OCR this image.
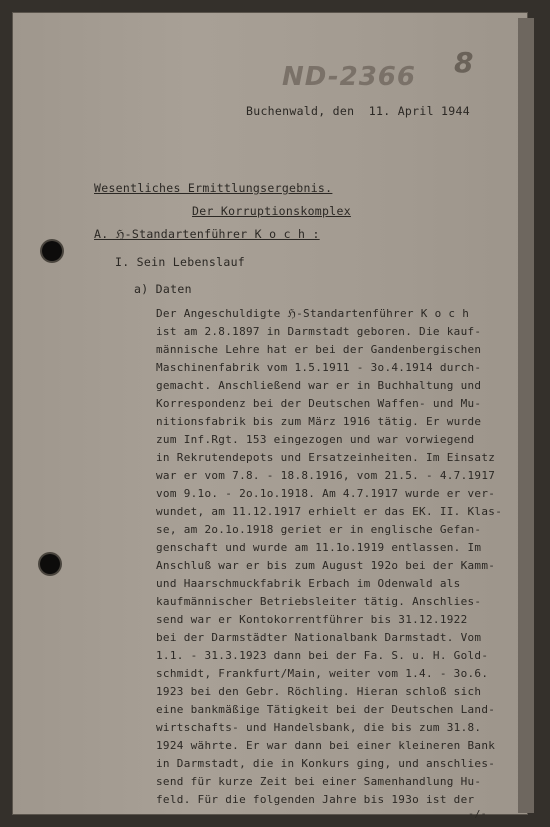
ND-2366 8
Buchenwald, den  11. April 1944
Wesentliches Ermittlungsergebnis.
Der Korruptionskomplex
A. ℌ-Standartenführer K o c h :
I. Sein Lebenslauf
a) Daten
Der Angeschuldigte ℌ-Standartenführer K o c h
ist am 2.8.1897 in Darmstadt geboren. Die kauf-
männische Lehre hat er bei der Gandenbergischen
Maschinenfabrik vom 1.5.1911 - 3o.4.1914 durch-
gemacht. Anschließend war er in Buchhaltung und
Korrespondenz bei der Deutschen Waffen- und Mu-
nitionsfabrik bis zum März 1916 tätig. Er wurde
zum Inf.Rgt. 153 eingezogen und war vorwiegend
in Rekrutendepots und Ersatzeinheiten. Im Einsatz
war er vom 7.8. - 18.8.1916, vom 21.5. - 4.7.1917
vom 9.1o. - 2o.1o.1918. Am 4.7.1917 wurde er ver-
wundet, am 11.12.1917 erhielt er das EK. II. Klas-
se, am 2o.1o.1918 geriet er in englische Gefan-
genschaft und wurde am 11.1o.1919 entlassen. Im
Anschluß war er bis zum August 192o bei der Kamm-
und Haarschmuckfabrik Erbach im Odenwald als
kaufmännischer Betriebsleiter tätig. Anschlies-
send war er Kontokorrentführer bis 31.12.1922
bei der Darmstädter Nationalbank Darmstadt. Vom
1.1. - 31.3.1923 dann bei der Fa. S. u. H. Gold-
schmidt, Frankfurt/Main, weiter vom 1.4. - 3o.6.
1923 bei den Gebr. Röchling. Hieran schloß sich
eine bankmäßige Tätigkeit bei der Deutschen Land-
wirtschafts- und Handelsbank, die bis zum 31.8.
1924 währte. Er war dann bei einer kleineren Bank
in Darmstadt, die in Konkurs ging, und anschlies-
send für kurze Zeit bei einer Samenhandlung Hu-
feld. Für die folgenden Jahre bis 193o ist der
-/-
